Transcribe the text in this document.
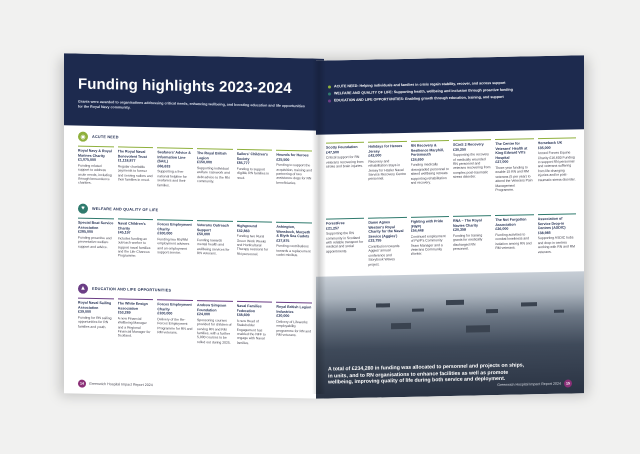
Funding highlights 2023-2024
Grants were awarded to organisations addressing critical needs, enhancing wellbeing, and boosting education and life opportunities for the Royal Navy community.
◉	ACUTE NEED
Royal Navy & Royal Marines Charity
£1,075,000
Funding related support to address acute needs, including through benevolence charities.
The Royal Naval Benevolent Trust
£1,118,877
Regular charitable payments to former and serving sailors and their families in need.
Seafarers' Advice & Information Line (SAIL)
£66,633
Supporting a free national helpline for seafarers and their families.
The Royal British Legion
£150,000
Supporting individual welfare casework and debt advice to the RN community.
Sailors' Children's Society
£85,777
Funding to support eligible RN families in need.
Hounds for Heroes
£25,500
Funding to support the acquisition, training and partnering of two assistance dogs for RN beneficiaries.
♥	WELFARE AND QUALITY OF LIFE
Special Boat Service Association
£285,000
Funding proactive and preventative welfare support and advice.
Naval Children's Charity
£45,197
Includes funding an outreach worker to support naval families and the Life Chances Programme.
Forces Employment Charity
£100,000
Funding two RN/RM employment advisers and an employment support service.
Veterans Outreach Support
£50,000
Funding towards mental health and wellbeing services for RN veterans.
Highground
£42,863
Funding two Rural Green Work Weeks and Horticultural Therapy sessions for RN personnel.
Ashington, Wansbeck, Morpeth & Blyth Sea Cadets
£37,875
Funding contributions towards a replacement cadet minibus.
▲	EDUCATION AND LIFE OPPORTUNITIES
Royal Naval Sailing Association
£39,000
Funding for RN sailing opportunities for RN families and youth.
The White Ensign Association
£53,289
A new Financial Wellbeing Manager and a Regional Financial Manager for Scotland.
Forces Employment Charity
£100,000
Delivery of the Re-Forces Employment Programme for RN and RM veterans.
Andrew Simpson Foundation
£24,000
Sponsoring courses provided for children of serving RN and RM families, with a further 5,000 courses to be rolled out during 2025.
Naval Families Federation
£48,609
A new Head of Stakeholder Engagement has enabled the NFF to engage with Naval families.
Royal British Legion Industries
£30,000
Delivery of Lifeworks employability programme for RN and RM veterans.
14	Greenwich Hospital Impact Report 2024
ACUTE NEED: Helping individuals and families in crisis regain stability, recover, and access support
WELFARE AND QUALITY OF LIFE: Supporting health, wellbeing and inclusion through proactive funding
EDUCATION AND LIFE OPPORTUNITIES: Enabling growth through education, training, and support
Scotty Foundation
£47,500
Critical support for RN veterans recovering from stroke and brain injuries.
Holidays for Heroes Jersey
£42,000
Recovery and rehabilitation stays in Jersey for Hasler Naval Service Recovery Centre personnel.
RN Recovery & Resilience Maryhill, Portsmouth
£24,650
Funding medically downgraded personnel to attend wellbeing retreats supporting rehabilitation and recovery.
SCinS 2 Recovery
£30,250
Supporting the recovery of medically wounded RN personnel and veterans recovering from complex post-traumatic stress disorder.
The Centre for Veterans' Health at King Edward VII's Hospital
£27,000
Three-year funding to enable 15 RN and RM veterans (5 per year) to attend the Veterans Pain Management Programme.
Horseback UK
£35,000
Armed Forces Equine Charity £16,600 Funding to support RN personnel and veterans suffering from life-changing injuries and/or post-traumatic stress disorder.
ForestFree
£21,257
Supporting the RN community in Scotland with reliable transport for medical and social appointments.
Dame Agnes Weston's Royal Charity for the Naval Service (Aggies')
£33,755
Contribution towards Aggies' annual conference and Storybook Waves project.
Fighting with Pride (FWP)
£54,448
Continued employment of FWP's Community Team Manager and a Veterans Community Worker.
RNA – The Royal Navies Charity
£20,358
Funding for training grants for medically discharged RN personnel.
The Not Forgotten Association
£26,000
Funding activities to combat loneliness and isolation among RN and RM veterans.
Association of Service Drop-in Centres (ASDIC)
£38,985
Supporting ASDIC hubs and drop-in centres working with RN and RM veterans.
A total of £234,280 in funding was allocated to personnel and projects on ships, in units, and to RN organisations to enhance facilities as well as promote wellbeing, improving quality of life during both service and deployment.
Greenwich Hospital Impact Report 2024	15
